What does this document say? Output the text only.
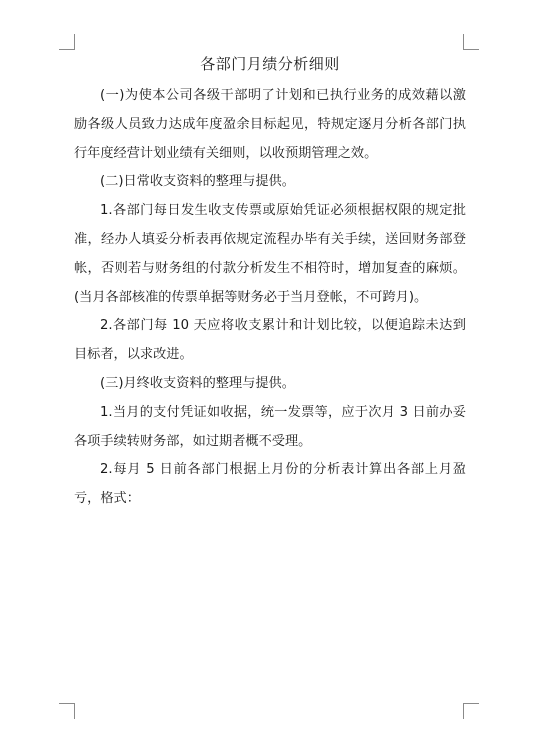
各部门月绩分析细则

(一)为使本公司各级干部明了计划和已执行业务的成效藉以激励各级人员致力达成年度盈余目标起见，特规定逐月分析各部门执行年度经营计划业绩有关细则，以收预期管理之效。

(二)日常收支资料的整理与提供。

1.各部门每日发生收支传票或原始凭证必须根据权限的规定批准，经办人填妥分析表再依规定流程办毕有关手续，送回财务部登帐，否则若与财务组的付款分析发生不相符时，增加复查的麻烦。(当月各部核准的传票单据等财务必于当月登帐，不可跨月)。

2.各部门每 10 天应将收支累计和计划比较，以便追踪未达到目标者，以求改进。

(三)月终收支资料的整理与提供。

1.当月的支付凭证如收据，统一发票等，应于次月 3 日前办妥各项手续转财务部，如过期者概不受理。

2.每月 5 日前各部门根据上月份的分析表计算出各部上月盈亏，格式：
